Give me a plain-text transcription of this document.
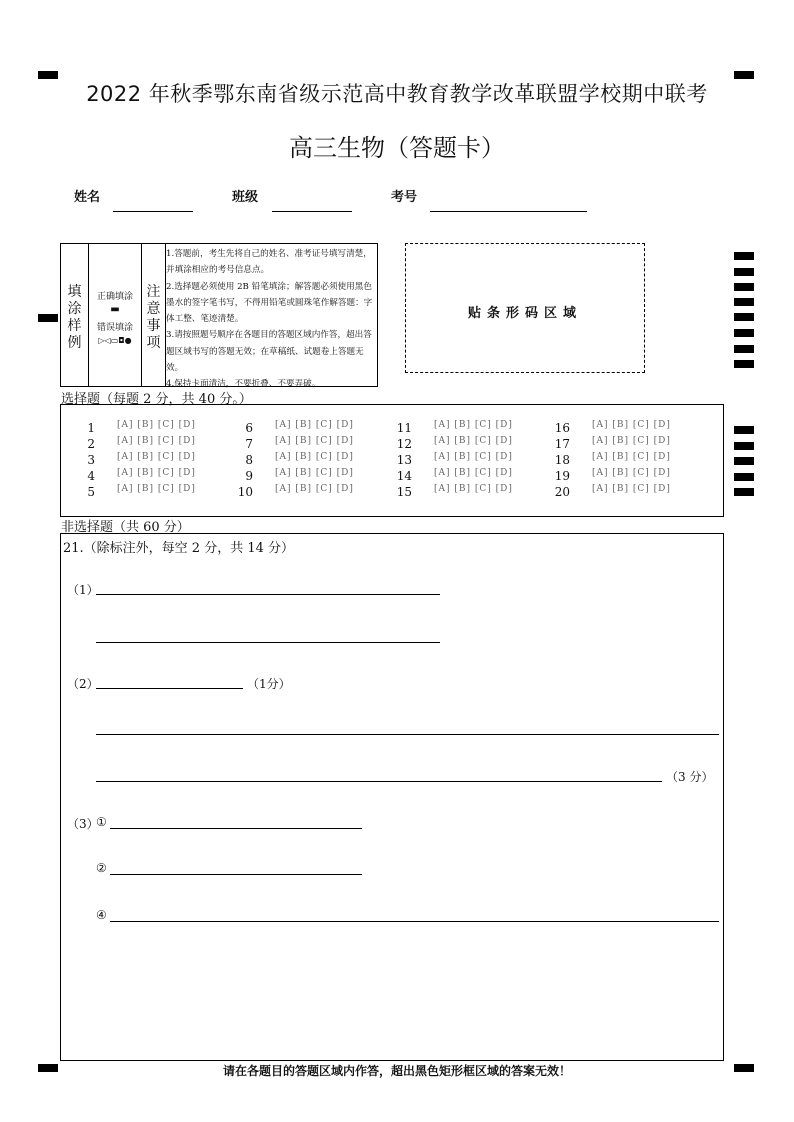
2022 年秋季鄂东南省级示范高中教育教学改革联盟学校期中联考
高三生物（答题卡）
姓名	班级	考号
填
涂
样
例
正确填涂
▬
错误填涂
▷◁▭◘●
注
意
事
项
1.答题前，考生先将自己的姓名、准考证号填写清楚，并填涂相应的考号信息点。
2.选择题必须使用 2B 铅笔填涂；解答题必须使用黑色墨水的签字笔书写，不得用铅笔或圆珠笔作解答题：字体工整、笔迹清楚。
3.请按照题号顺序在各题目的答题区域内作答，超出答题区域书写的答题无效；在草稿纸、试题卷上答题无效。
4.保持卡面清洁，不要折叠、不要弄破。
贴条形码区域
选择题（每题 2 分，共 40 分。）
1 [A] [B] [C] [D]
2 [A] [B] [C] [D]
3 [A] [B] [C] [D]
4 [A] [B] [C] [D]
5 [A] [B] [C] [D]
6 [A] [B] [C] [D]
7 [A] [B] [C] [D]
8 [A] [B] [C] [D]
9 [A] [B] [C] [D]
10 [A] [B] [C] [D]
11 [A] [B] [C] [D]
12 [A] [B] [C] [D]
13 [A] [B] [C] [D]
14 [A] [B] [C] [D]
15 [A] [B] [C] [D]
16 [A] [B] [C] [D]
17 [A] [B] [C] [D]
18 [A] [B] [C] [D]
19 [A] [B] [C] [D]
20 [A] [B] [C] [D]
非选择题（共 60 分）
21.（除标注外，每空 2 分，共 14 分）
（1）
（2）	（1分）
（3 分）
（3）
①
②
④
请在各题目的答题区域内作答，超出黑色矩形框区域的答案无效！
